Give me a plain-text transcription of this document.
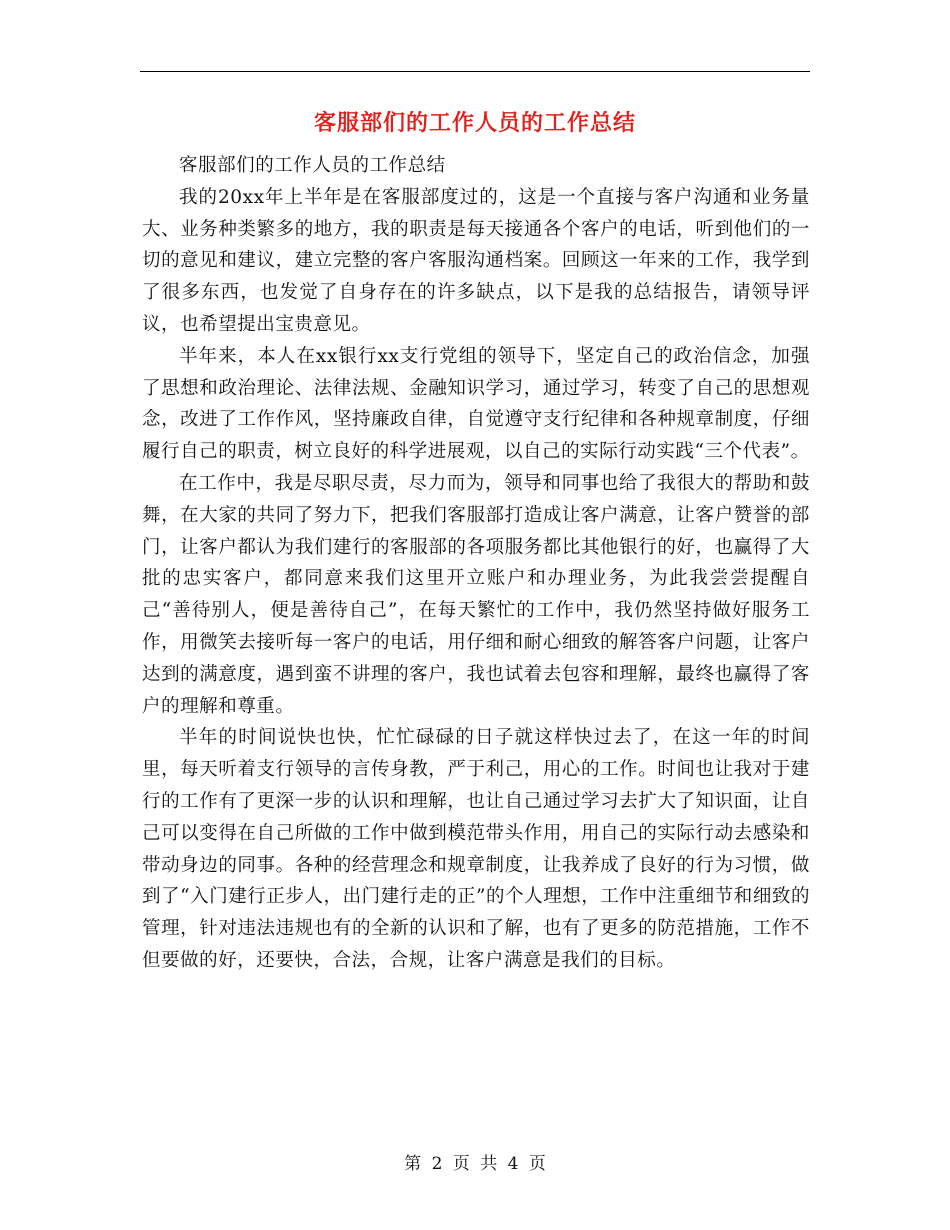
客服部们的工作人员的工作总结

客服部们的工作人员的工作总结

我的20xx年上半年是在客服部度过的，这是一个直接与客户沟通和业务量大、业务种类繁多的地方，我的职责是每天接通各个客户的电话，听到他们的一切的意见和建议，建立完整的客户客服沟通档案。回顾这一年来的工作，我学到了很多东西，也发觉了自身存在的许多缺点，以下是我的总结报告，请领导评议，也希望提出宝贵意见。

半年来，本人在xx银行xx支行党组的领导下，坚定自己的政治信念，加强了思想和政治理论、法律法规、金融知识学习，通过学习，转变了自己的思想观念，改进了工作作风，坚持廉政自律，自觉遵守支行纪律和各种规章制度，仔细履行自己的职责，树立良好的科学进展观，以自己的实际行动实践“三个代表”。

在工作中，我是尽职尽责，尽力而为，领导和同事也给了我很大的帮助和鼓舞，在大家的共同了努力下，把我们客服部打造成让客户满意，让客户赞誉的部门，让客户都认为我们建行的客服部的各项服务都比其他银行的好，也赢得了大批的忠实客户，都同意来我们这里开立账户和办理业务，为此我尝尝提醒自己“善待别人，便是善待自己”，在每天繁忙的工作中，我仍然坚持做好服务工作，用微笑去接听每一客户的电话，用仔细和耐心细致的解答客户问题，让客户达到的满意度，遇到蛮不讲理的客户，我也试着去包容和理解，最终也赢得了客户的理解和尊重。

半年的时间说快也快，忙忙碌碌的日子就这样快过去了，在这一年的时间里，每天听着支行领导的言传身教，严于利己，用心的工作。时间也让我对于建行的工作有了更深一步的认识和理解，也让自己通过学习去扩大了知识面，让自己可以变得在自己所做的工作中做到模范带头作用，用自己的实际行动去感染和带动身边的同事。各种的经营理念和规章制度，让我养成了良好的行为习惯，做到了“入门建行正步人，出门建行走的正”的个人理想，工作中注重细节和细致的管理，针对违法违规也有的全新的认识和了解，也有了更多的防范措施，工作不但要做的好，还要快，合法，合规，让客户满意是我们的目标。

第 2 页 共 4 页
